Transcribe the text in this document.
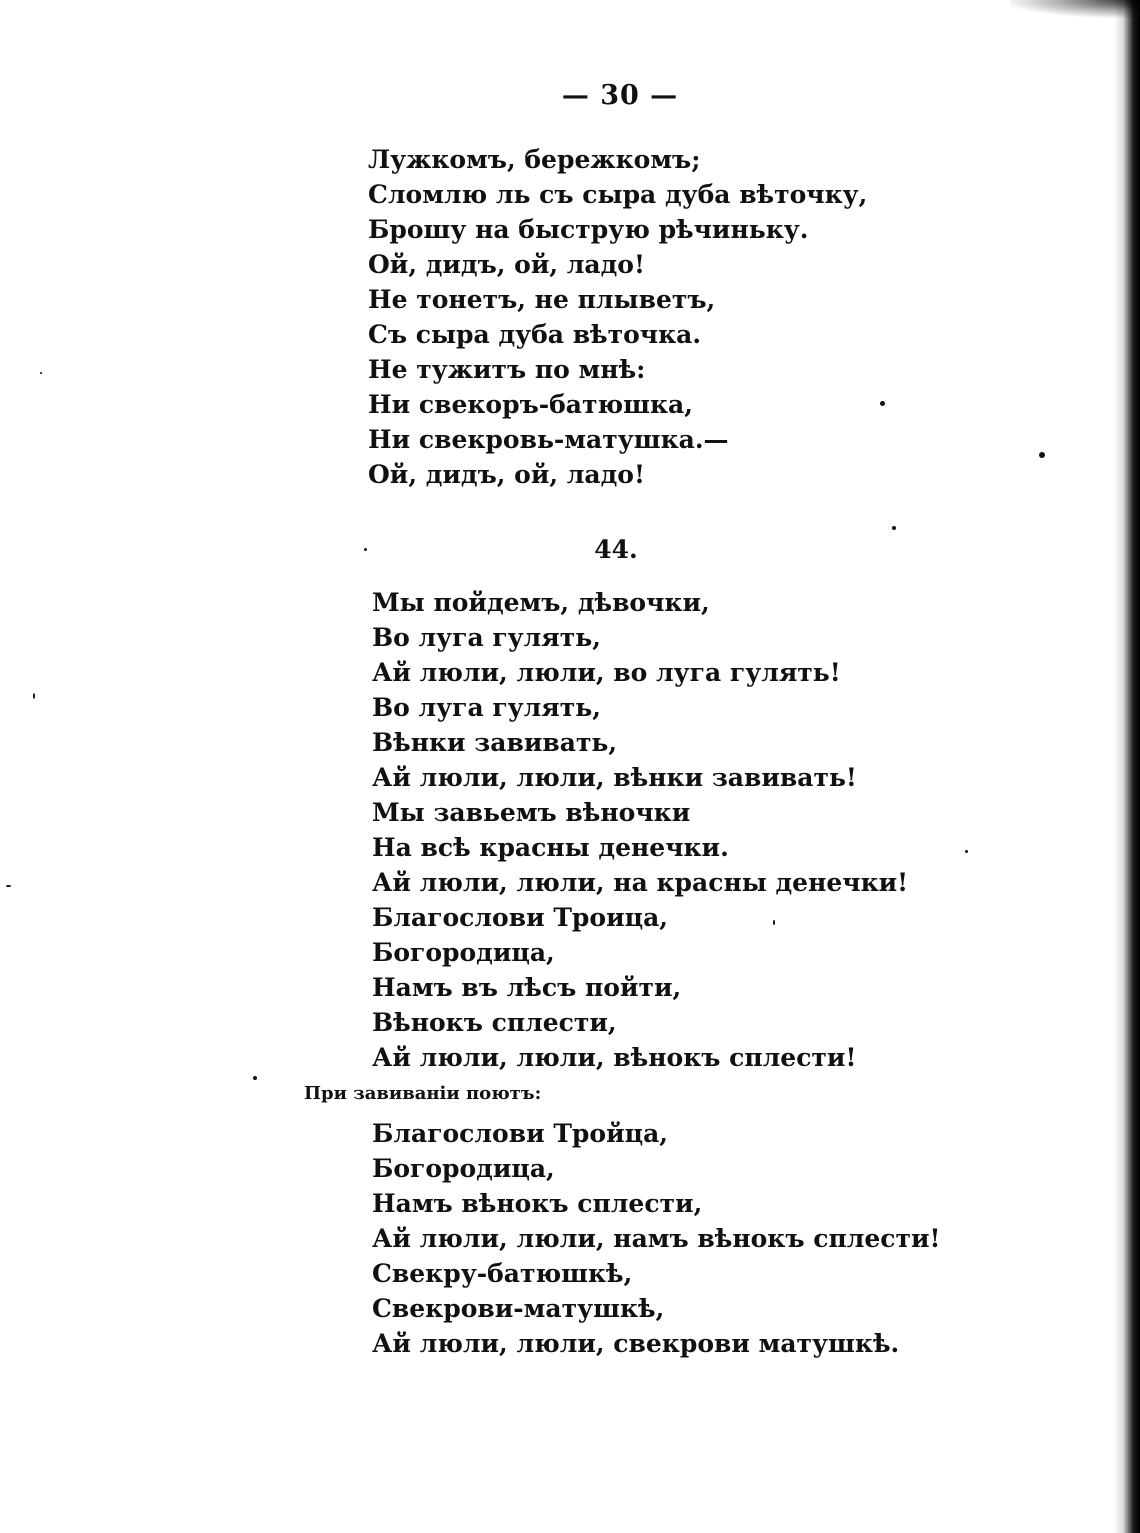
— 30 —
Лужкомъ, бережкомъ;
Сломлю ль съ сыра дуба вѣточку,
Брошу на быструю рѣчиньку.
Ой, дидъ, ой, ладо!
Не тонетъ, не плыветъ,
Съ сыра дуба вѣточка.
Не тужитъ по мнѣ:
Ни свекоръ-батюшка,
Ни свекровь-матушка.—
Ой, дидъ, ой, ладо!
44.
Мы пойдемъ, дѣвочки,
Во луга гулять,
Ай люли, люли, во луга гулять!
Во луга гулять,
Вѣнки завивать,
Ай люли, люли, вѣнки завивать!
Мы завьемъ вѣночки
На всѣ красны денечки.
Ай люли, люли, на красны денечки!
Благослови Троица,
Богородица,
Намъ въ лѣсъ пойти,
Вѣнокъ сплести,
Ай люли, люли, вѣнокъ сплести!
При завиваніи поютъ:
Благослови Тройца,
Богородица,
Намъ вѣнокъ сплести,
Ай люли, люли, намъ вѣнокъ сплести!
Свекру-батюшкѣ,
Свекрови-матушкѣ,
Ай люли, люли, свекрови матушкѣ.
